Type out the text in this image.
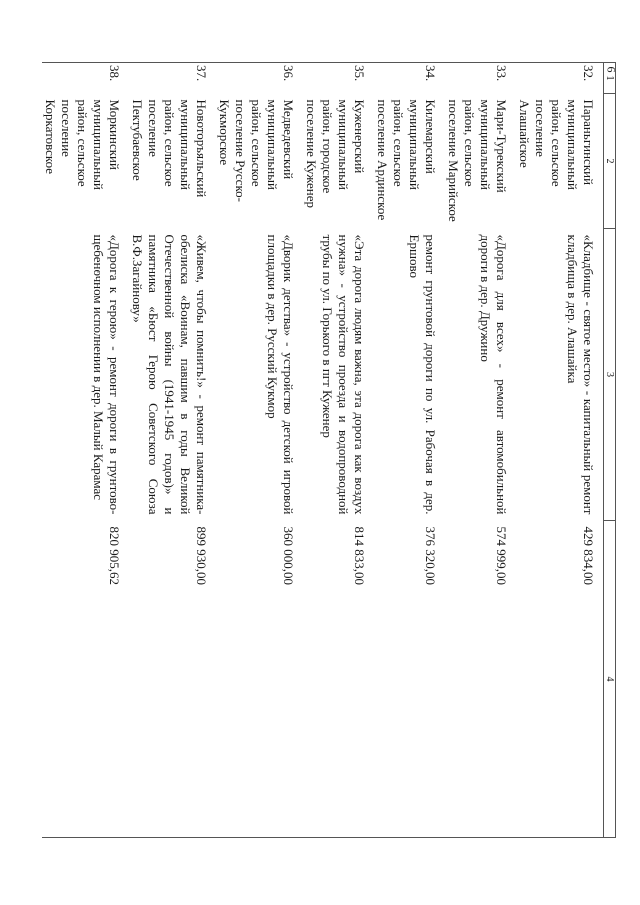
6
1	2	3	4
32.	Параньгинский муниципальный район, сельское поселение Алашайское	«Кладбище - святое место» - капитальный ремонт кладбища в дер. Алашайка	429 834,00
33.	Мари-Турекский муниципальный район, сельское поселение Марийское	«Дорога для всех» - ремонт автомобильной дороги в дер. Дружино	574 999,00
34.	Килемарский муниципальный район, сельское поселение Ардинское	ремонт грунтовой дороги по ул. Рабочая в дер. Ершово	376 320,00
35.	Куженерский муниципальный район, городское поселение Куженер	«Эта дорога людям важна, эта дорога как воздух нужна» - устройство проезда и водопроводной трубы по ул. Горького в пгт Куженер	814 833,00
36.	Медведевский муниципальный район, сельское поселение Русско-Кукморское	«Дворик детства» - устройство детской игровой площадки в дер. Русский Кукмор	360 000,00
37.	Новоторъяльский муниципальный район, сельское поселение Пектубаевское	«Живем, чтобы помнить!» - ремонт памятника-обелиска «Воинам, павшим в годы Великой Отечественной войны (1941-1945 годов)» и памятника «Бюст Герою Советского Союза В.Ф.Загайнову»	899 930,00
38.	Моркинский муниципальный район, сельское поселение Коркатовское	«Дорога к герою» - ремонт дороги в грунтово-щебеночном исполнении в дер. Малый Карамас	820 905,62
